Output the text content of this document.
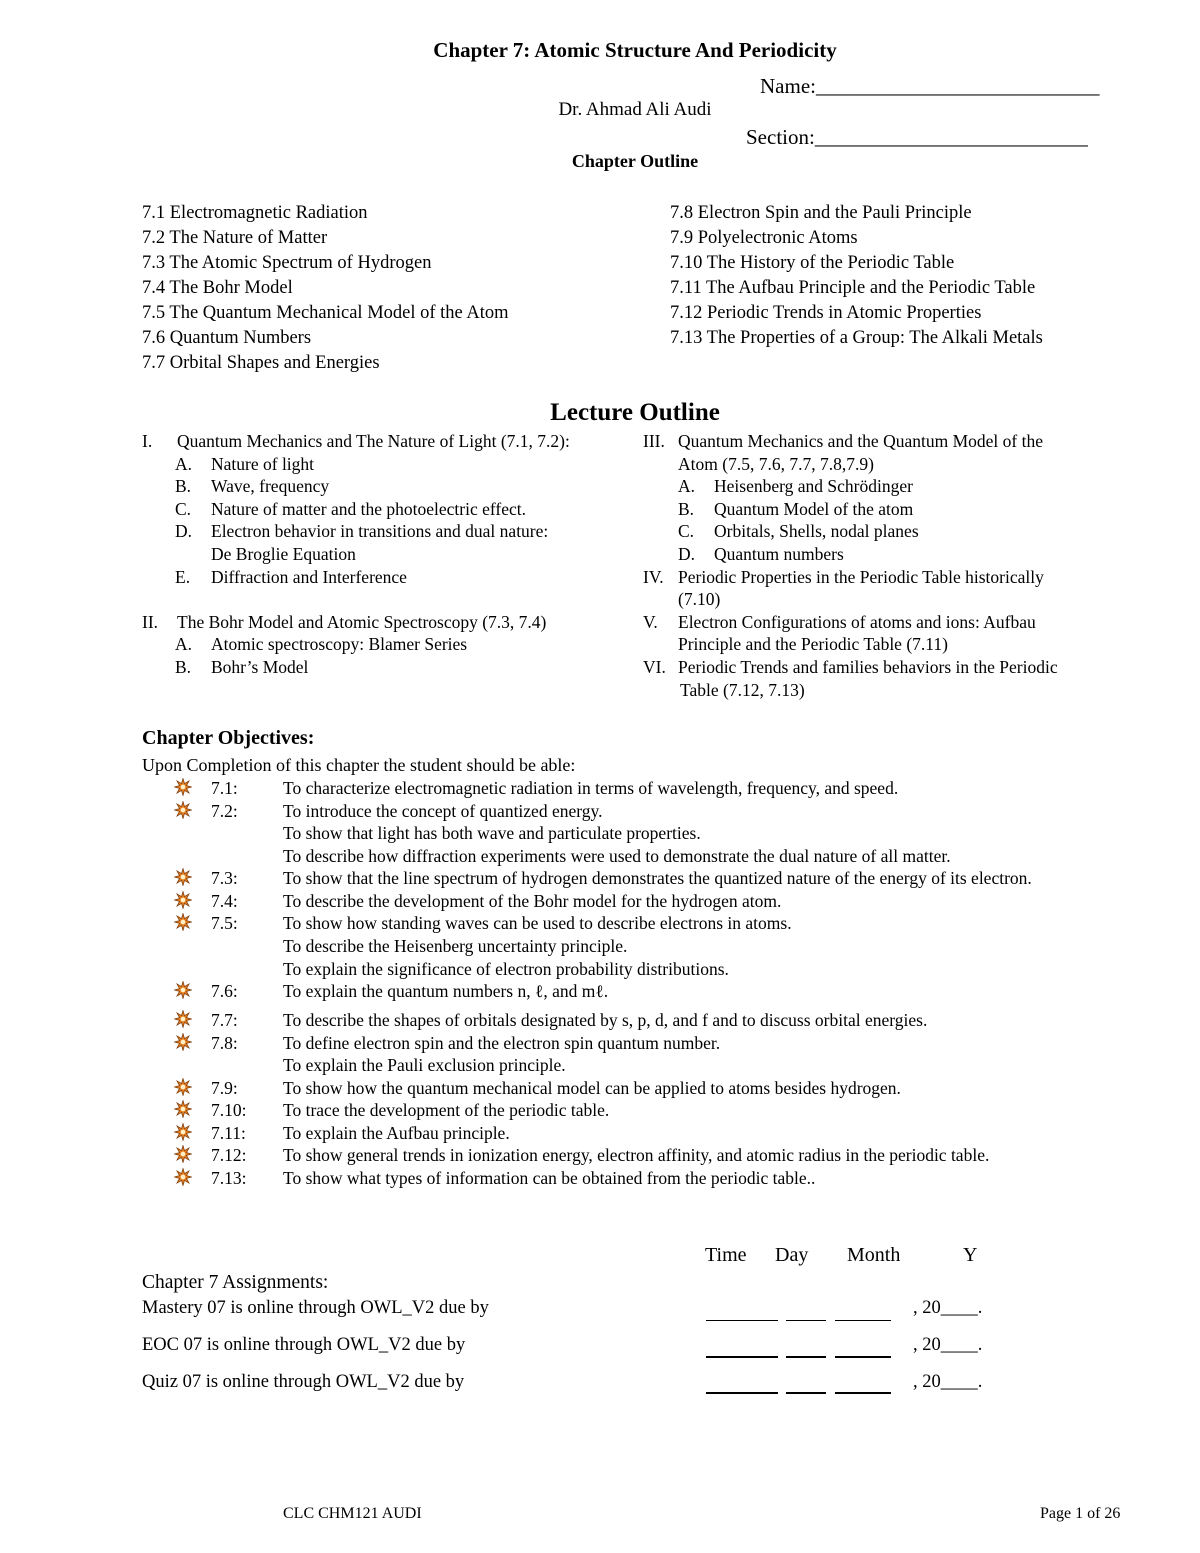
Chapter 7: Atomic Structure And Periodicity
Name:___________________________
Dr. Ahmad Ali Audi
Section:__________________________
Chapter Outline
7.1 Electromagnetic Radiation
7.2 The Nature of Matter
7.3 The Atomic Spectrum of Hydrogen
7.4 The Bohr Model
7.5 The Quantum Mechanical Model of the Atom
7.6 Quantum Numbers
7.7 Orbital Shapes and Energies
7.8 Electron Spin and the Pauli Principle
7.9 Polyelectronic Atoms
7.10 The History of the Periodic Table
7.11 The Aufbau Principle and the Periodic Table
7.12 Periodic Trends in Atomic Properties
7.13 The Properties of a Group: The Alkali Metals
Lecture Outline
I. Quantum Mechanics and The Nature of Light (7.1, 7.2):
A. Nature of light
B. Wave, frequency
C. Nature of matter and the photoelectric effect.
D. Electron behavior in transitions and dual nature:
De Broglie Equation
E. Diffraction and Interference
II. The Bohr Model and Atomic Spectroscopy (7.3, 7.4)
A. Atomic spectroscopy: Blamer Series
B. Bohr’s Model
III. Quantum Mechanics and the Quantum Model of the
Atom (7.5, 7.6, 7.7, 7.8,7.9)
A. Heisenberg and Schrödinger
B. Quantum Model of the atom
C. Orbitals, Shells, nodal planes
D. Quantum numbers
IV. Periodic Properties in the Periodic Table historically
(7.10)
V. Electron Configurations of atoms and ions: Aufbau
Principle and the Periodic Table (7.11)
VI. Periodic Trends and families behaviors in the Periodic
Table (7.12, 7.13)
Chapter Objectives:
Upon Completion of this chapter the student should be able:
7.1:	To characterize electromagnetic radiation in terms of wavelength, frequency, and speed.
7.2:	To introduce the concept of quantized energy.
To show that light has both wave and particulate properties.
To describe how diffraction experiments were used to demonstrate the dual nature of all matter.
7.3:	To show that the line spectrum of hydrogen demonstrates the quantized nature of the energy of its electron.
7.4:	To describe the development of the Bohr model for the hydrogen atom.
7.5:	To show how standing waves can be used to describe electrons in atoms.
To describe the Heisenberg uncertainty principle.
To explain the significance of electron probability distributions.
7.6:	To explain the quantum numbers n, ℓ, and mℓ.
7.7:	To describe the shapes of orbitals designated by s, p, d, and f and to discuss orbital energies.
7.8:	To define electron spin and the electron spin quantum number.
To explain the Pauli exclusion principle.
7.9:	To show how the quantum mechanical model can be applied to atoms besides hydrogen.
7.10: To trace the development of the periodic table.
7.11: To explain the Aufbau principle.
7.12: To show general trends in ionization energy, electron affinity, and atomic radius in the periodic table.
7.13: To show what types of information can be obtained from the periodic table..
Time Day Month	Y
Chapter 7 Assignments:
Mastery 07 is online through OWL_V2 due by	, 20____.
EOC 07 is online through OWL_V2 due by	, 20____.
Quiz 07 is online through OWL_V2 due by	, 20____.
CLC CHM121 AUDI	Page 1 of 26
